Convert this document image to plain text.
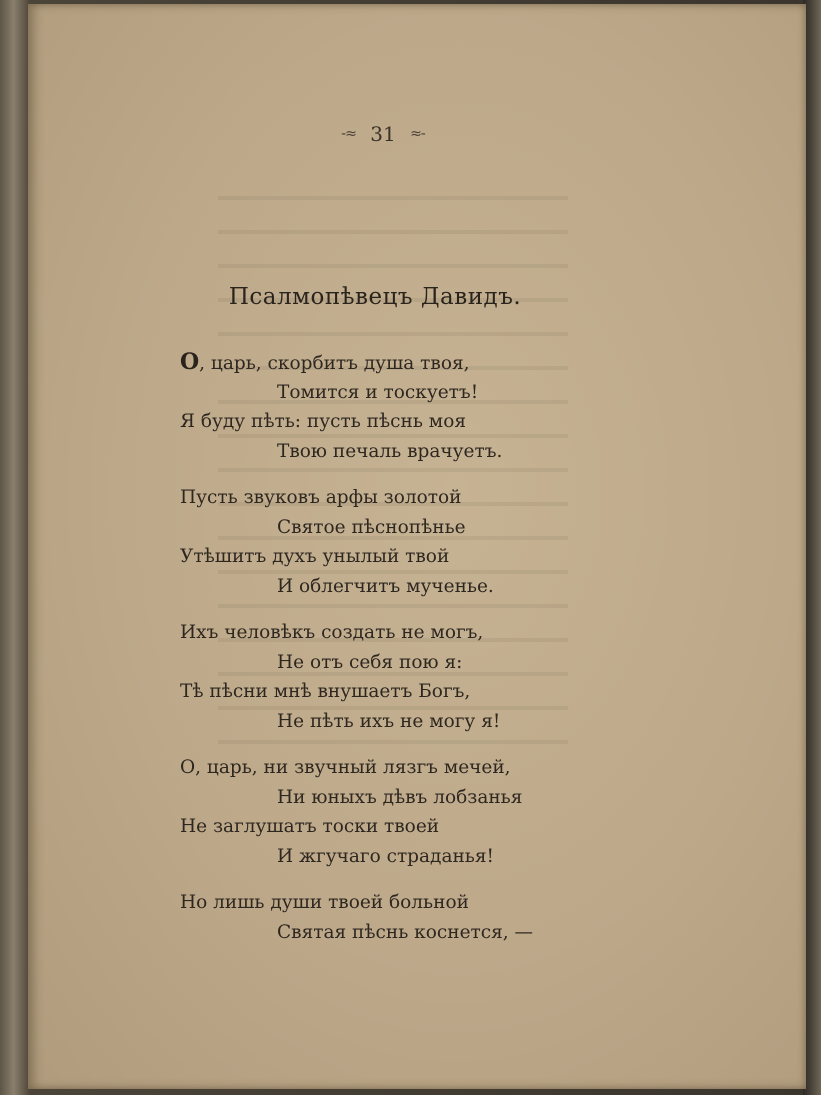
-≈ 31 ≈-
Псалмопѣвецъ Давидъ.
О, царь, скорбитъ душа твоя,
Томится и тоскуетъ!
Я буду пѣть: пусть пѣснь моя
Твою печаль врачуетъ.
Пусть звуковъ арфы золотой
Святое пѣснопѣнье
Утѣшитъ духъ унылый твой
И облегчитъ мученье.
Ихъ человѣкъ создать не могъ,
Не отъ себя пою я:
Тѣ пѣсни мнѣ внушаетъ Богъ,
Не пѣть ихъ не могу я!
О, царь, ни звучный лязгъ мечей,
Ни юныхъ дѣвъ лобзанья
Не заглушатъ тоски твоей
И жгучаго страданья!
Но лишь души твоей больной
Святая пѣснь коснется, —
